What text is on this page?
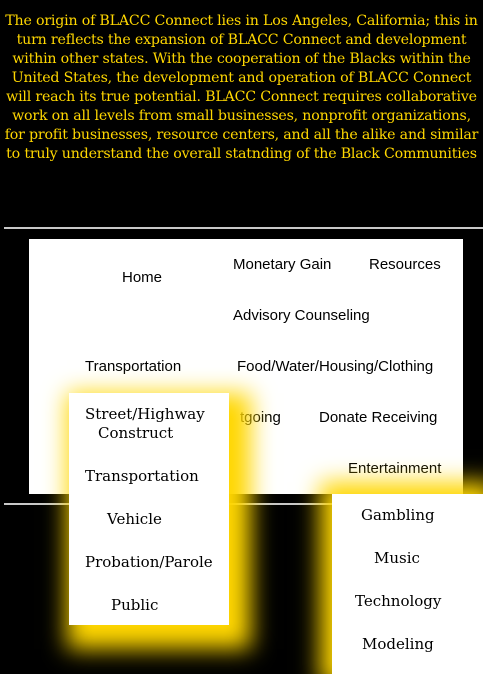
The origin of BLACC Connect lies in Los Angeles, California; this in
turn reflects the expansion of BLACC Connect and development
within other states. With the cooperation of the Blacks within the
United States, the development and operation of BLACC Connect
will reach its true potential. BLACC Connect requires collaborative
work on all levels from small businesses, nonprofit organizations,
for profit businesses, resource centers, and all the alike and similar
to truly understand the overall statnding of the Black Communities
Home
Monetary Gain	Resources
Advisory Counseling
Transportation	Food/Water/Housing/Clothing
tgoing	Donate Receiving
Entertainment
Street/Highway
Construct
Transportation
Vehicle
Probation/Parole
Public
Gambling
Music
Technology
Modeling
